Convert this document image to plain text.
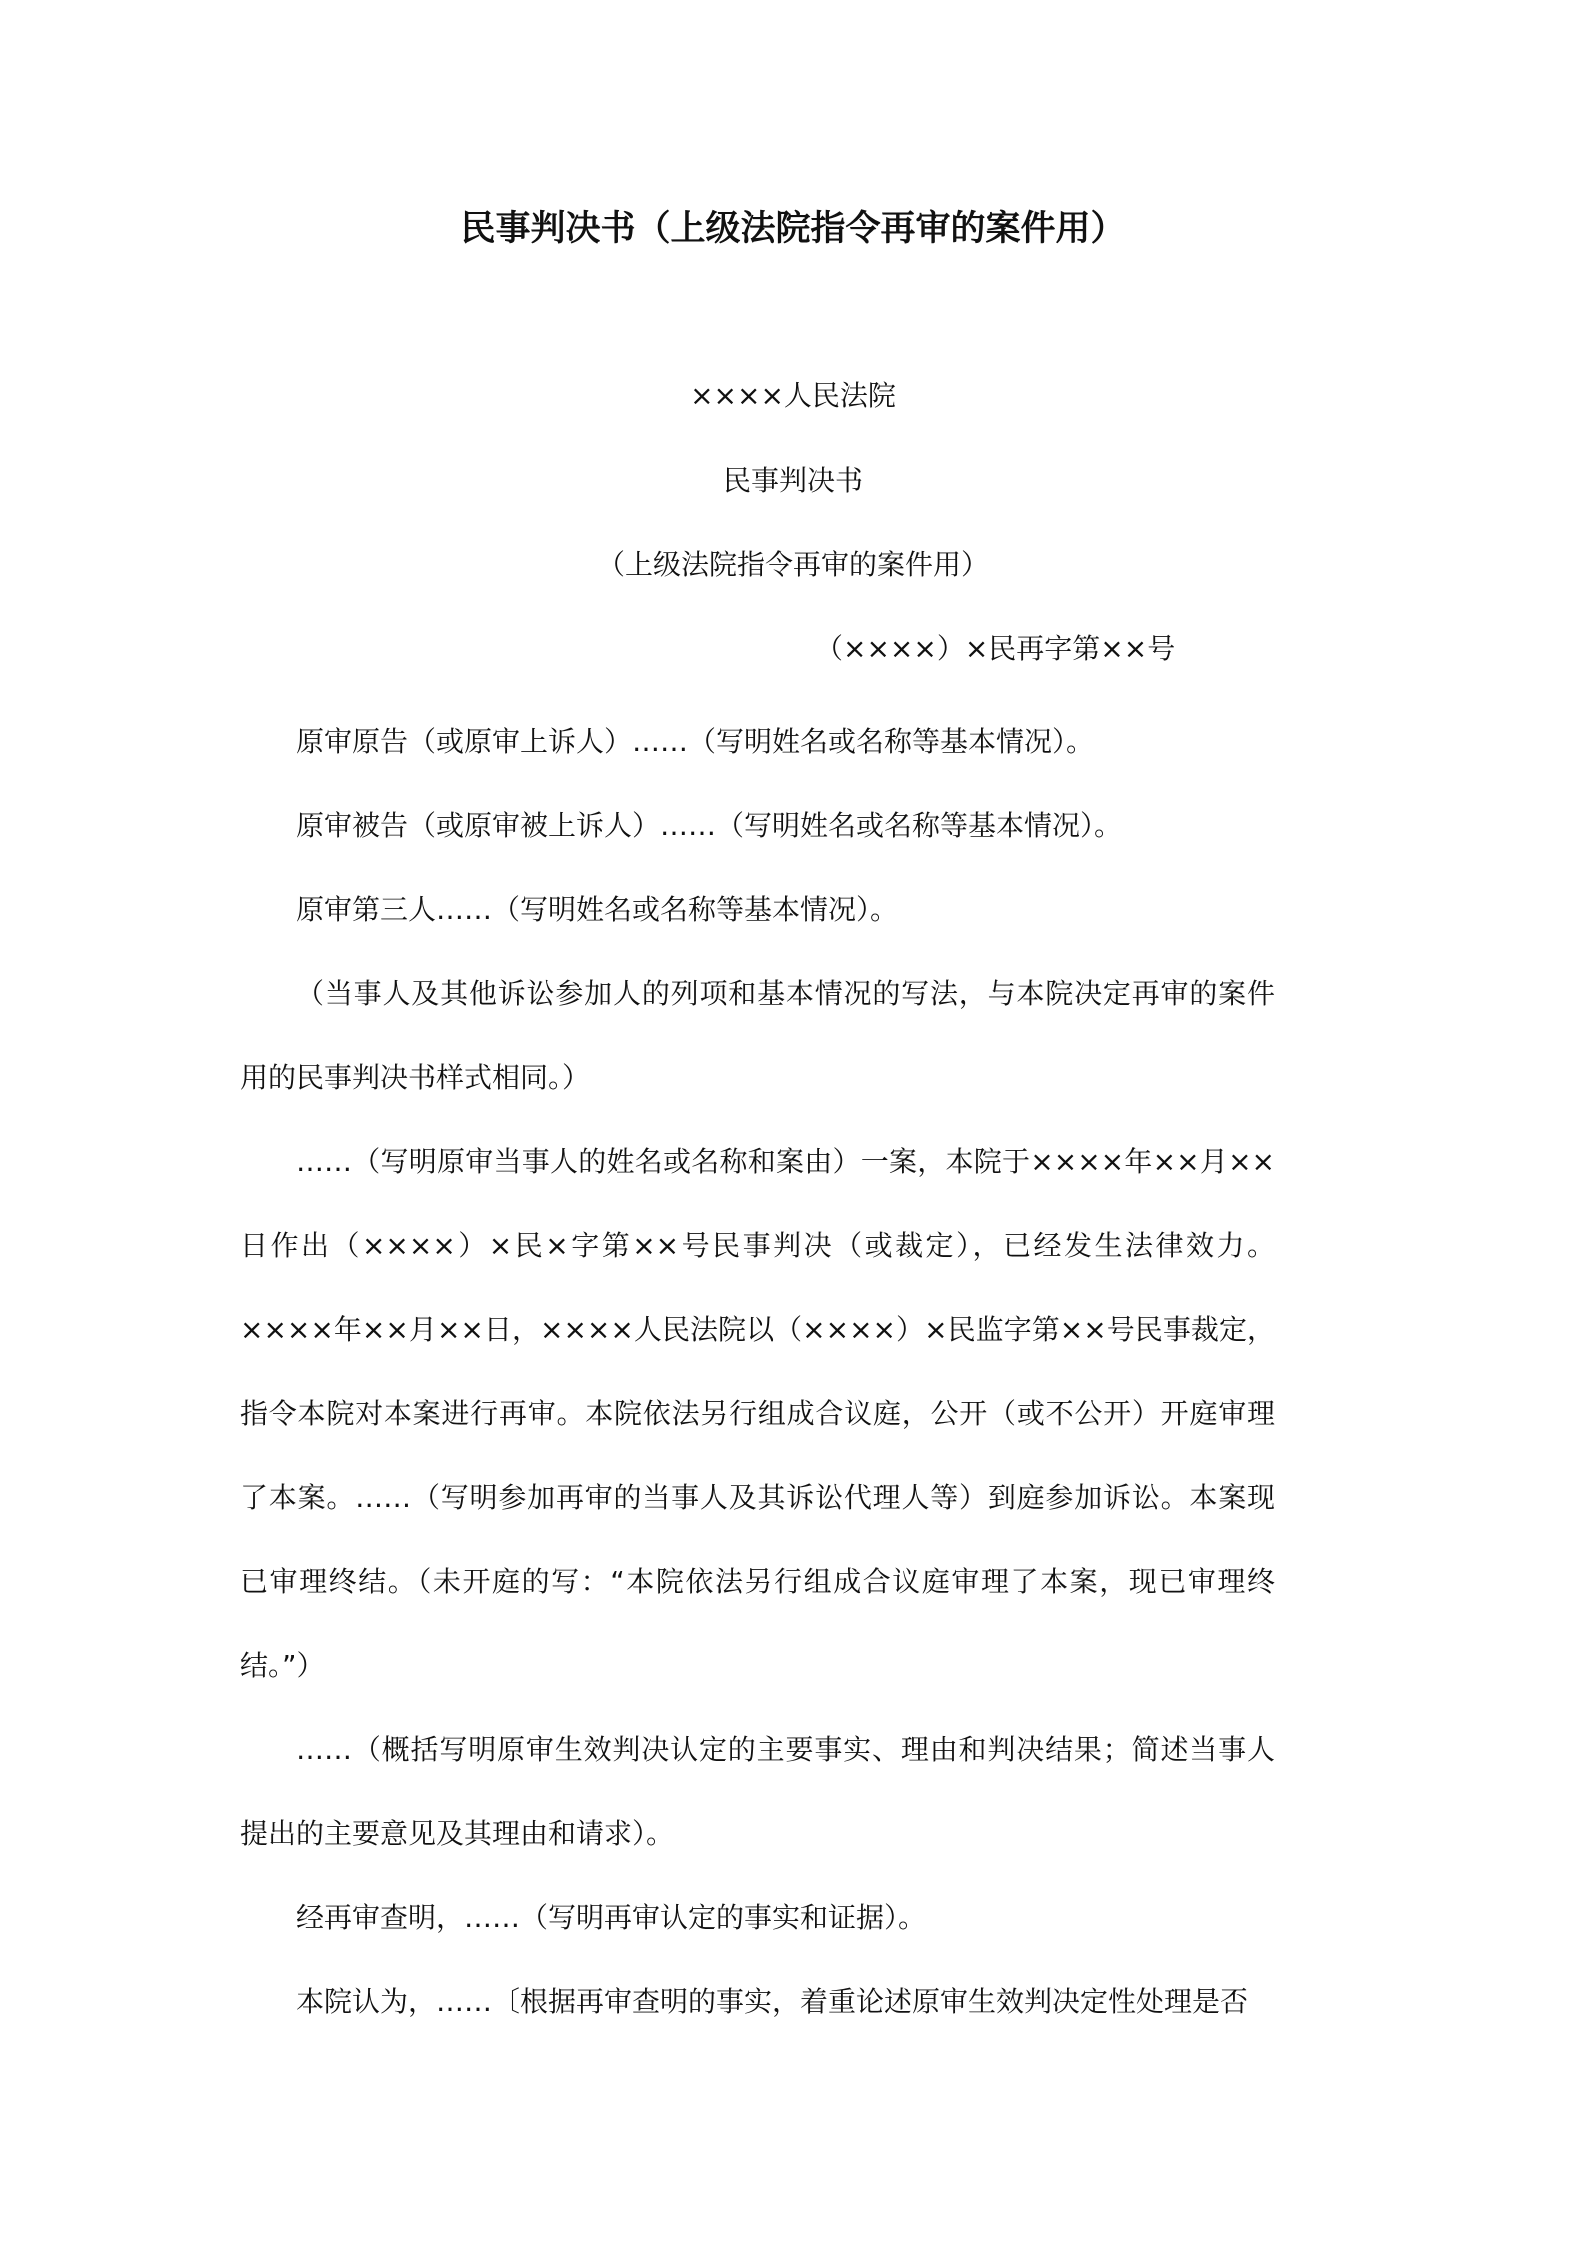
民事判决书（上级法院指令再审的案件用）

××××人民法院

民事判决书

（上级法院指令再审的案件用）

（××××）×民再字第××号

原审原告（或原审上诉人）……（写明姓名或名称等基本情况）。

原审被告（或原审被上诉人）……（写明姓名或名称等基本情况）。

原审第三人……（写明姓名或名称等基本情况）。

（当事人及其他诉讼参加人的列项和基本情况的写法，与本院决定再审的案件用的民事判决书样式相同。）

……（写明原审当事人的姓名或名称和案由）一案，本院于××××年××月××日作出（××××）×民×字第××号民事判决（或裁定），已经发生法律效力。××××年××月××日，××××人民法院以（××××）×民监字第××号民事裁定，指令本院对本案进行再审。本院依法另行组成合议庭，公开（或不公开）开庭审理了本案。……（写明参加再审的当事人及其诉讼代理人等）到庭参加诉讼。本案现已审理终结。（未开庭的写：“本院依法另行组成合议庭审理了本案，现已审理终结。”）

……（概括写明原审生效判决认定的主要事实、理由和判决结果；简述当事人提出的主要意见及其理由和请求）。

经再审查明，……（写明再审认定的事实和证据）。

本院认为，……〔根据再审查明的事实，着重论述原审生效判决定性处理是否
